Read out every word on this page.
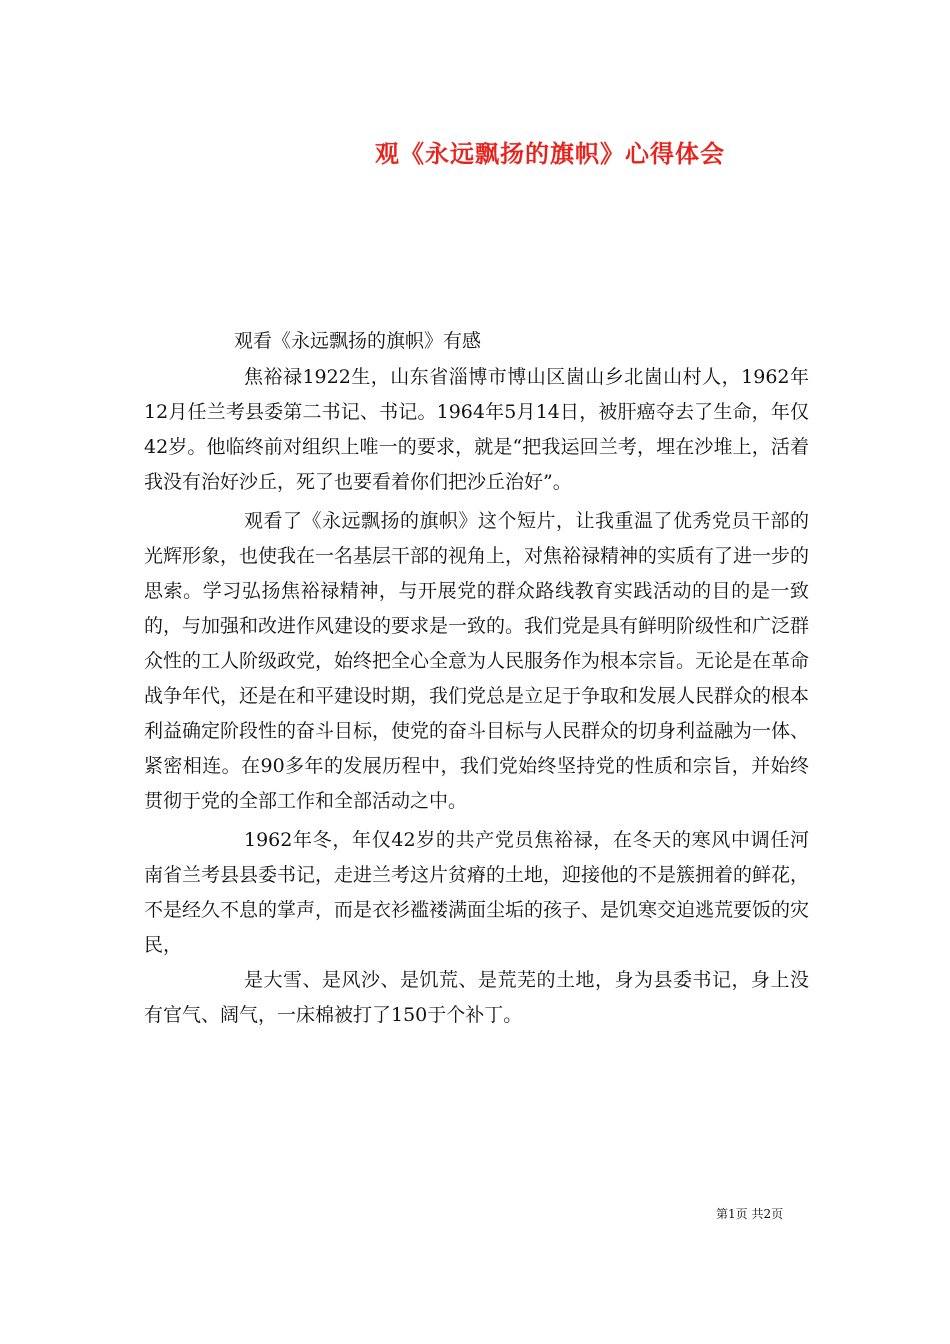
观《永远飘扬的旗帜》心得体会
观看《永远飘扬的旗帜》有感

焦裕禄1922生，山东省淄博市博山区崮山乡北崮山村人，1962年12月任兰考县委第二书记、书记。1964年5月14日，被肝癌夺去了生命，年仅42岁。他临终前对组织上唯一的要求，就是“把我运回兰考，埋在沙堆上，活着我没有治好沙丘，死了也要看着你们把沙丘治好”。

观看了《永远飘扬的旗帜》这个短片，让我重温了优秀党员干部的光辉形象，也使我在一名基层干部的视角上，对焦裕禄精神的实质有了进一步的思索。学习弘扬焦裕禄精神，与开展党的群众路线教育实践活动的目的是一致的，与加强和改进作风建设的要求是一致的。我们党是具有鲜明阶级性和广泛群众性的工人阶级政党，始终把全心全意为人民服务作为根本宗旨。无论是在革命战争年代，还是在和平建设时期，我们党总是立足于争取和发展人民群众的根本利益确定阶段性的奋斗目标，使党的奋斗目标与人民群众的切身利益融为一体、紧密相连。在90多年的发展历程中，我们党始终坚持党的性质和宗旨，并始终贯彻于党的全部工作和全部活动之中。

1962年冬，年仅42岁的共产党员焦裕禄，在冬天的寒风中调任河南省兰考县县委书记，走进兰考这片贫瘠的土地，迎接他的不是簇拥着的鲜花，不是经久不息的掌声，而是衣衫褴褛满面尘垢的孩子、是饥寒交迫逃荒要饭的灾民，

是大雪、是风沙、是饥荒、是荒芜的土地，身为县委书记，身上没有官气、阔气，一床棉被打了150于个补丁。

第1页 共2页
